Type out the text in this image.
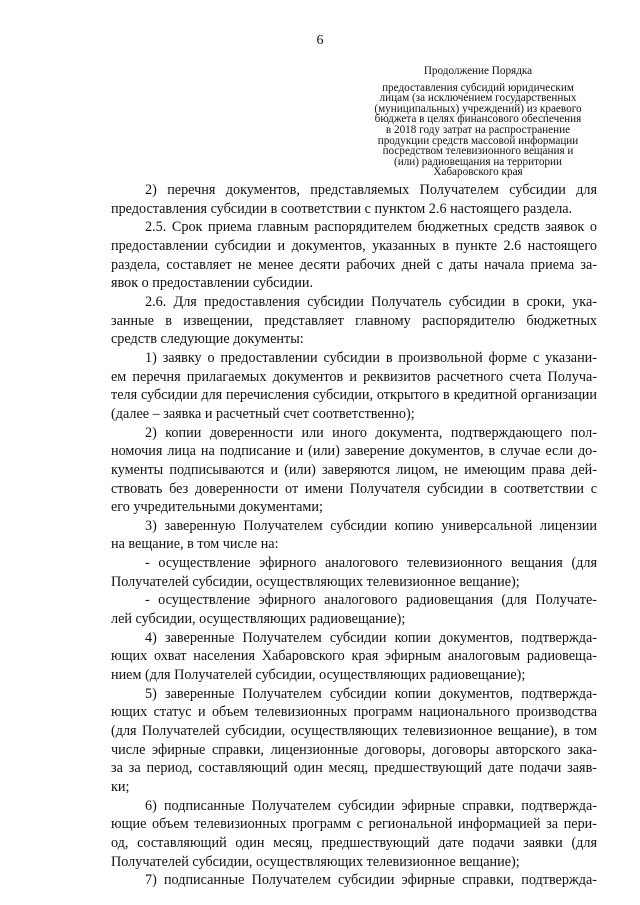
6
Продолжение Порядка
предоставления субсидий юридическим
лицам (за исключением государственных
(муниципальных) учреждений) из краевого
бюджета в целях финансового обеспечения
в 2018 году затрат на распространение
продукции средств массовой информации
посредством телевизионного вещания и
(или) радиовещания на территории
Хабаровского края
2) перечня документов, представляемых Получателем субсидии для
предоставления субсидии в соответствии с пунктом 2.6 настоящего раздела.
2.5. Срок приема главным распорядителем бюджетных средств заявок о
предоставлении субсидии и документов, указанных в пункте 2.6 настоящего
раздела, составляет не менее десяти рабочих дней с даты начала приема за-
явок о предоставлении субсидии.
2.6. Для предоставления субсидии Получатель субсидии в сроки, ука-
занные в извещении, представляет главному распорядителю бюджетных
средств следующие документы:
1) заявку о предоставлении субсидии в произвольной форме с указани-
ем перечня прилагаемых документов и реквизитов расчетного счета Получа-
теля субсидии для перечисления субсидии, открытого в кредитной организации
(далее – заявка и расчетный счет соответственно);
2) копии доверенности или иного документа, подтверждающего пол-
номочия лица на подписание и (или) заверение документов, в случае если до-
кументы подписываются и (или) заверяются лицом, не имеющим права дей-
ствовать без доверенности от имени Получателя субсидии в соответствии с
его учредительными документами;
3) заверенную Получателем субсидии копию универсальной лицензии
на вещание, в том числе на:
- осуществление эфирного аналогового телевизионного вещания (для
Получателей субсидии, осуществляющих телевизионное вещание);
- осуществление эфирного аналогового радиовещания (для Получате-
лей субсидии, осуществляющих радиовещание);
4) заверенные Получателем субсидии копии документов, подтвержда-
ющих охват населения Хабаровского края эфирным аналоговым радиовеща-
нием (для Получателей субсидии, осуществляющих радиовещание);
5) заверенные Получателем субсидии копии документов, подтвержда-
ющих статус и объем телевизионных программ национального производства
(для Получателей субсидии, осуществляющих телевизионное вещание), в том
числе эфирные справки, лицензионные договоры, договоры авторского зака-
за за период, составляющий один месяц, предшествующий дате подачи заяв-
ки;
6) подписанные Получателем субсидии эфирные справки, подтвержда-
ющие объем телевизионных программ с региональной информацией за пери-
од, составляющий один месяц, предшествующий дате подачи заявки (для
Получателей субсидии, осуществляющих телевизионное вещание);
7) подписанные Получателем субсидии эфирные справки, подтвержда-
